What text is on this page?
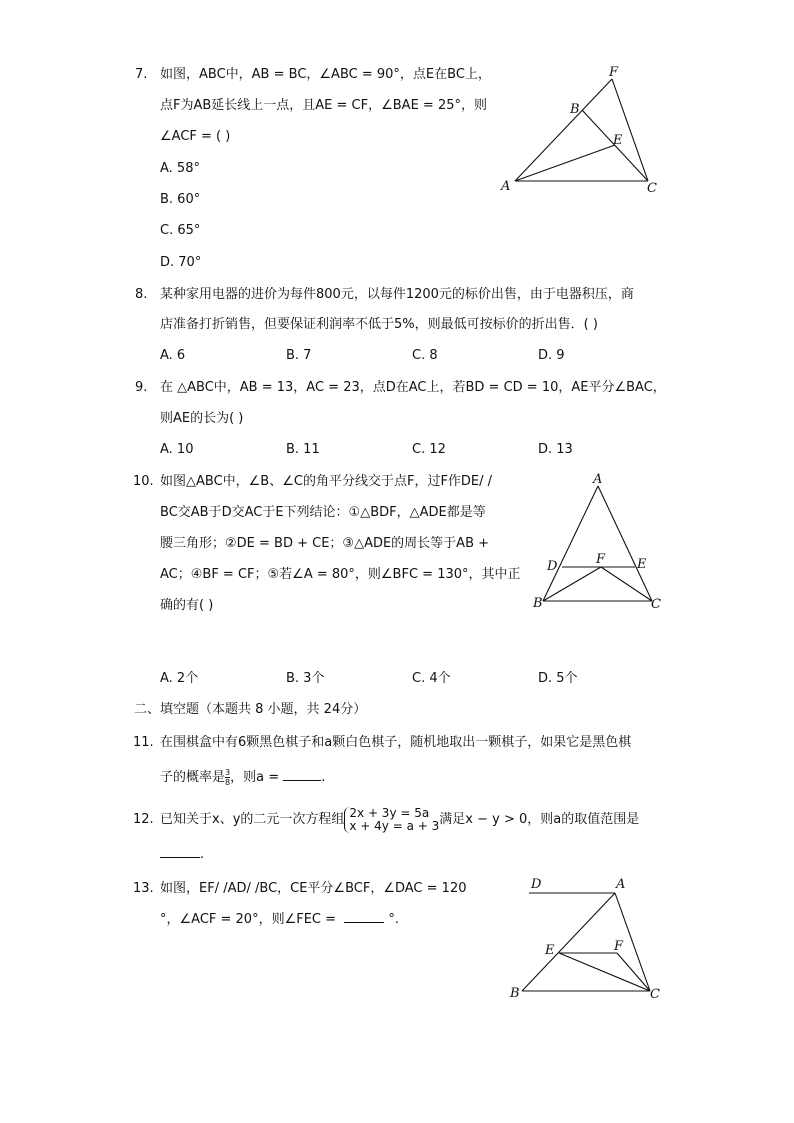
7. 如图，ABC中，AB = BC，∠ABC = 90°，点E在BC上，
点F为AB延长线上一点，且AE = CF，∠BAE = 25°，则
∠ACF = ( )
A. 58°
B. 60°
C. 65°
D. 70°
F
B
E
A	C
8. 某种家用电器的进价为每件800元，以每件1200元的标价出售，由于电器积压，商
店准备打折销售，但要保证利润率不低于5%，则最低可按标价的折出售．( )
A. 6	B. 7	C. 8	D. 9
9. 在 △ABC中，AB = 13，AC = 23，点D在AC上，若BD = CD = 10，AE平分∠BAC，
则AE的长为( )
A. 10	B. 11	C. 12	D. 13
10. 如图△ABC中，∠B、∠C的角平分线交于点F，过F作DE/ /
BC交AB于D交AC于E下列结论：①△BDF，△ADE都是等
腰三角形；②DE = BD + CE；③△ADE的周长等于AB +
AC；④BF = CF；⑤若∠A = 80°，则∠BFC = 130°，其中正
确的有( )
A. 2个	B. 3个	C. 4个	D. 5个
A
D	F E
B	C
二、填空题（本题共 8 小题，共 24分）
11. 在围棋盒中有6颗黑色棋子和a颗白色棋子，随机地取出一颗棋子，如果它是黑色棋
子的概率是 $\frac{3}{8}$ ，则a =	.
12. 已知关于x、y的二元一次方程组 2x + 3y = 5a
x + 4y = a + 3 满足x − y > 0，则a的取值范围是
.
13. 如图，EF/ /AD/ /BC，CE平分∠BCF，∠DAC = 120
°，∠ACF = 20°，则∠FEC =	°.
D	A
E	F
B	C
